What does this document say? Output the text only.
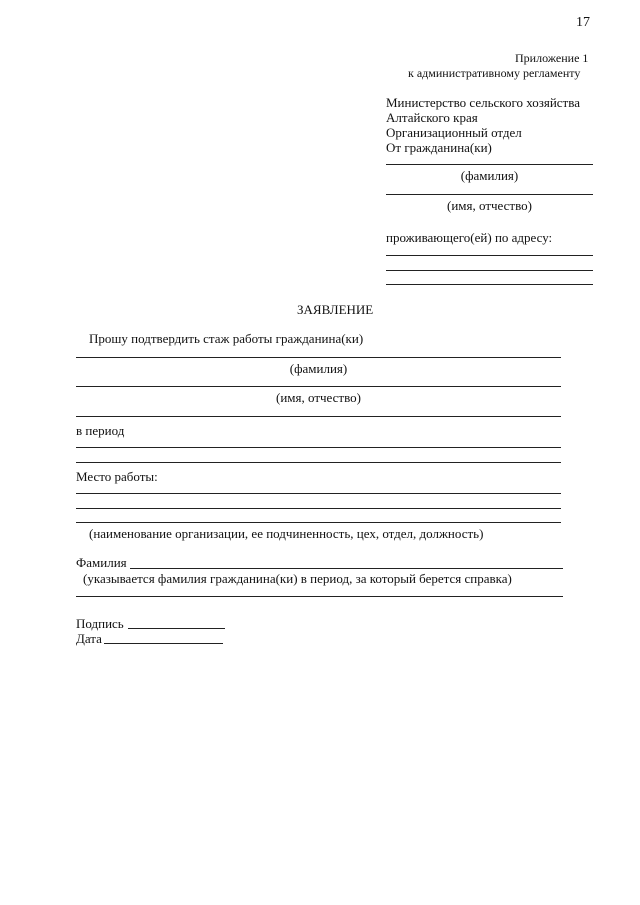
17
Приложение 1
к административному регламенту
Министерство сельского хозяйства
Алтайского края
Организационный отдел
От гражданина(ки)
(фамилия)
(имя, отчество)
проживающего(ей) по адресу:
ЗАЯВЛЕНИЕ
Прошу подтвердить стаж работы гражданина(ки)
(фамилия)
(имя, отчество)
в период
Место работы:
(наименование организации, ее подчиненность, цех, отдел, должность)
Фамилия
(указывается фамилия гражданина(ки) в период, за который берется справка)
Подпись
Дата
